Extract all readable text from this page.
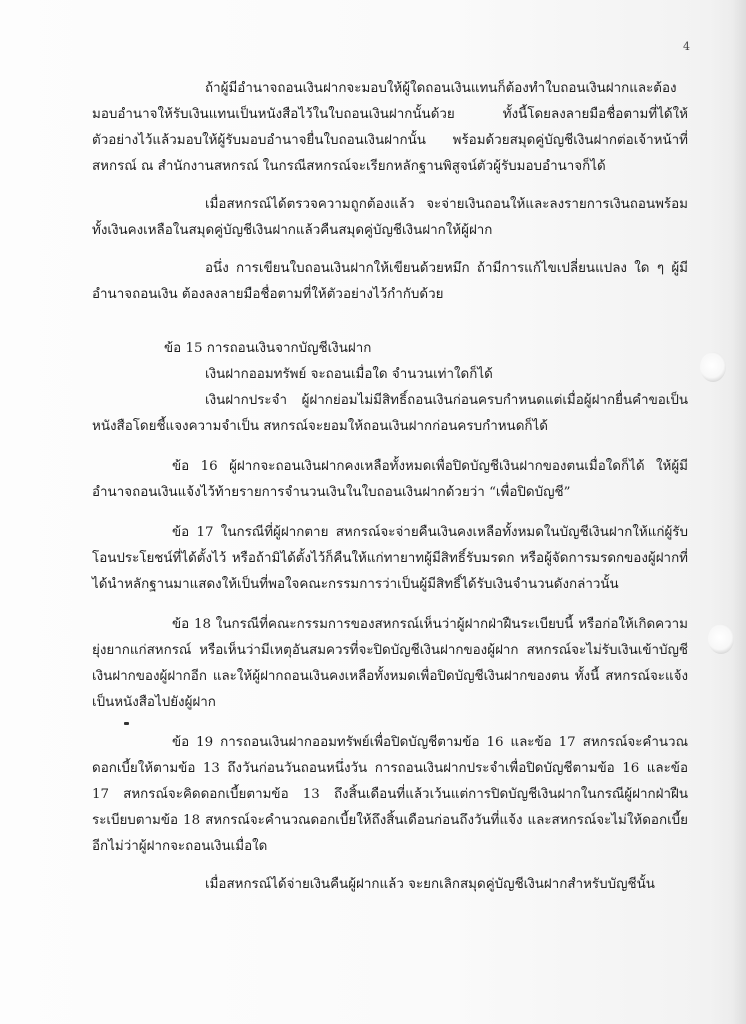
4

ถ้าผู้มีอำนาจถอนเงินฝากจะมอบให้ผู้ใดถอนเงินแทนก็ต้องทำใบถอนเงินฝากและต้องมอบอำนาจให้รับเงินแทนเป็นหนังสือไว้ในใบถอนเงินฝากนั้นด้วย ทั้งนี้โดยลงลายมือชื่อตามที่ได้ให้ตัวอย่างไว้แล้วมอบให้ผู้รับมอบอำนาจยื่นใบถอนเงินฝากนั้น พร้อมด้วยสมุดคู่บัญชีเงินฝากต่อเจ้าหน้าที่สหกรณ์ ณ สำนักงานสหกรณ์ ในกรณีสหกรณ์จะเรียกหลักฐานพิสูจน์ตัวผู้รับมอบอำนาจก็ได้

เมื่อสหกรณ์ได้ตรวจความถูกต้องแล้ว จะจ่ายเงินถอนให้และลงรายการเงินถอนพร้อมทั้งเงินคงเหลือในสมุดคู่บัญชีเงินฝากแล้วคืนสมุดคู่บัญชีเงินฝากให้ผู้ฝาก

อนึ่ง การเขียนใบถอนเงินฝากให้เขียนด้วยหมึก ถ้ามีการแก้ไขเปลี่ยนแปลง ใด ๆ ผู้มีอำนาจถอนเงิน ต้องลงลายมือชื่อตามที่ให้ตัวอย่างไว้กำกับด้วย

ข้อ 15 การถอนเงินจากบัญชีเงินฝาก
เงินฝากออมทรัพย์ จะถอนเมื่อใด จำนวนเท่าใดก็ได้

เงินฝากประจำ ผู้ฝากย่อมไม่มีสิทธิ์ถอนเงินก่อนครบกำหนดแต่เมื่อผู้ฝากยื่นคำขอเป็นหนังสือโดยชี้แจงความจำเป็น สหกรณ์จะยอมให้ถอนเงินฝากก่อนครบกำหนดก็ได้

ข้อ 16 ผู้ฝากจะถอนเงินฝากคงเหลือทั้งหมดเพื่อปิดบัญชีเงินฝากของตนเมื่อใดก็ได้ ให้ผู้มีอำนาจถอนเงินแจ้งไว้ท้ายรายการจำนวนเงินในใบถอนเงินฝากด้วยว่า “เพื่อปิดบัญชี”

ข้อ 17 ในกรณีที่ผู้ฝากตาย สหกรณ์จะจ่ายคืนเงินคงเหลือทั้งหมดในบัญชีเงินฝากให้แก่ผู้รับโอนประโยชน์ที่ได้ตั้งไว้ หรือถ้ามิได้ตั้งไว้ก็คืนให้แก่ทายาทผู้มีสิทธิ์รับมรดก หรือผู้จัดการมรดกของผู้ฝากที่ได้นำหลักฐานมาแสดงให้เป็นที่พอใจคณะกรรมการว่าเป็นผู้มีสิทธิ์ได้รับเงินจำนวนดังกล่าวนั้น

ข้อ 18 ในกรณีที่คณะกรรมการของสหกรณ์เห็นว่าผู้ฝากฝ่าฝืนระเบียบนี้ หรือก่อให้เกิดความยุ่งยากแก่สหกรณ์ หรือเห็นว่ามีเหตุอันสมควรที่จะปิดบัญชีเงินฝากของผู้ฝาก สหกรณ์จะไม่รับเงินเข้าบัญชีเงินฝากของผู้ฝากอีก และให้ผู้ฝากถอนเงินคงเหลือทั้งหมดเพื่อปิดบัญชีเงินฝากของตน ทั้งนี้ สหกรณ์จะแจ้งเป็นหนังสือไปยังผู้ฝาก

ข้อ 19 การถอนเงินฝากออมทรัพย์เพื่อปิดบัญชีตามข้อ 16 และข้อ 17 สหกรณ์จะคำนวณดอกเบี้ยให้ตามข้อ 13 ถึงวันก่อนวันถอนหนึ่งวัน การถอนเงินฝากประจำเพื่อปิดบัญชีตามข้อ 16 และข้อ 17 สหกรณ์จะคิดดอกเบี้ยตามข้อ 13 ถึงสิ้นเดือนที่แล้วเว้นแต่การปิดบัญชีเงินฝากในกรณีผู้ฝากฝ่าฝืนระเบียบตามข้อ 18 สหกรณ์จะคำนวณดอกเบี้ยให้ถึงสิ้นเดือนก่อนถึงวันที่แจ้ง และสหกรณ์จะไม่ให้ดอกเบี้ยอีกไม่ว่าผู้ฝากจะถอนเงินเมื่อใด

เมื่อสหกรณ์ได้จ่ายเงินคืนผู้ฝากแล้ว จะยกเลิกสมุดคู่บัญชีเงินฝากสำหรับบัญชีนั้น
